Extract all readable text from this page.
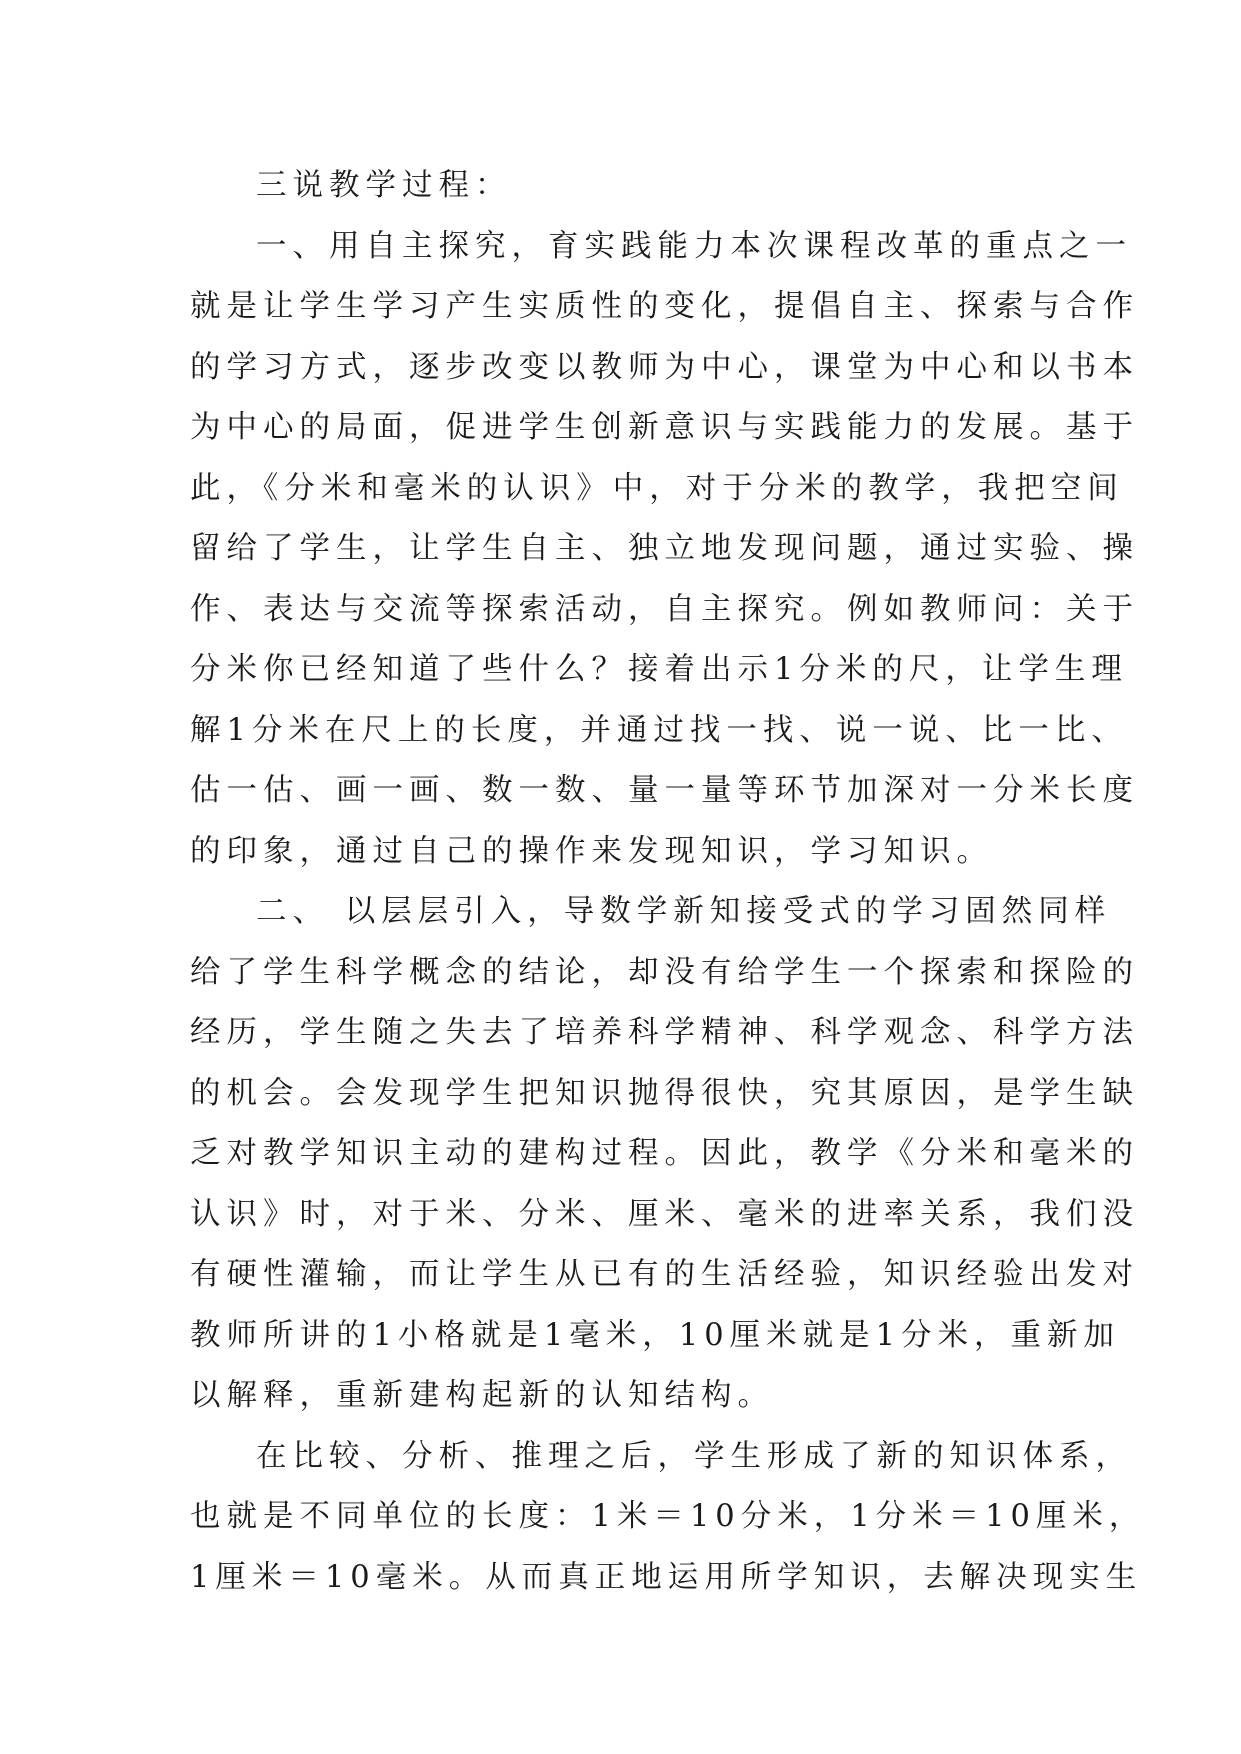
三说教学过程：
一、用自主探究，育实践能力本次课程改革的重点之一
就是让学生学习产生实质性的变化，提倡自主、探索与合作
的学习方式，逐步改变以教师为中心，课堂为中心和以书本
为中心的局面，促进学生创新意识与实践能力的发展。基于
此，《分米和毫米的认识》中，对于分米的教学，我把空间
留给了学生，让学生自主、独立地发现问题，通过实验、操
作、表达与交流等探索活动，自主探究。例如教师问：关于
分米你已经知道了些什么？接着出示1分米的尺，让学生理
解1分米在尺上的长度，并通过找一找、说一说、比一比、
估一估、画一画、数一数、量一量等环节加深对一分米长度
的印象，通过自己的操作来发现知识，学习知识。
二、 以层层引入，导数学新知接受式的学习固然同样
给了学生科学概念的结论，却没有给学生一个探索和探险的
经历，学生随之失去了培养科学精神、科学观念、科学方法
的机会。会发现学生把知识抛得很快，究其原因，是学生缺
乏对教学知识主动的建构过程。因此，教学《分米和毫米的
认识》时，对于米、分米、厘米、毫米的进率关系，我们没
有硬性灌输，而让学生从已有的生活经验，知识经验出发对
教师所讲的1小格就是1毫米，10厘米就是1分米，重新加
以解释，重新建构起新的认知结构。
在比较、分析、推理之后，学生形成了新的知识体系，
也就是不同单位的长度：1米＝10分米，1分米＝10厘米，
1厘米＝10毫米。从而真正地运用所学知识，去解决现实生
